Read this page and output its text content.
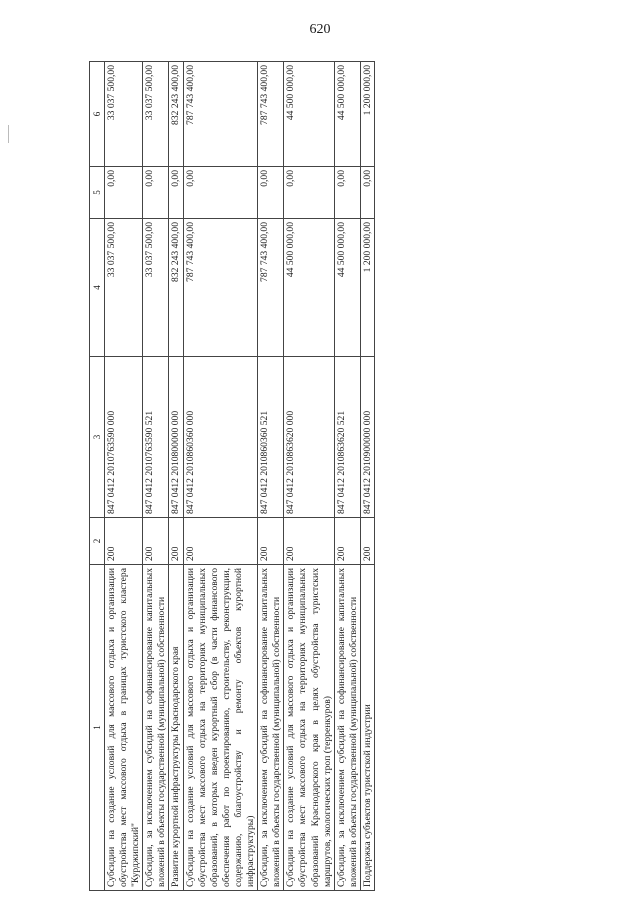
620
1	2	3	4	5	6
Субсидии на создание условий для массового отдыха и организации обустройства мест массового отдыха в границах туристского кластера "Курджипский"	200	847 0412 2010763590 000	33 037 500,00	0,00	33 037 500,00
Субсидии, за исключением субсидий на софинансирование капитальных вложений в объекты государственной (муниципальной) собственности	200	847 0412 2010763590 521	33 037 500,00	0,00	33 037 500,00
Развитие курортной инфраструктуры Краснодарского края	200	847 0412 2010800000 000	832 243 400,00	0,00	832 243 400,00
Субсидии на создание условий для массового отдыха и организации обустройства мест массового отдыха на территориях муниципальных образований, в которых введен курортный сбор (в части финансового обеспечения работ по проектированию, строительству, реконструкции, содержанию, благоустройству и ремонту объектов курортной инфраструктуры)	200	847 0412 2010860360 000	787 743 400,00	0,00	787 743 400,00
Субсидии, за исключением субсидий на софинансирование капитальных вложений в объекты государственной (муниципальной) собственности	200	847 0412 2010860360 521	787 743 400,00	0,00	787 743 400,00
Субсидии на создание условий для массового отдыха и организации обустройства мест массового отдыха на территориях муниципальных образований Краснодарского края в целях обустройства туристских маршрутов, экологических троп (терренкуров)	200	847 0412 2010863620 000	44 500 000,00	0,00	44 500 000,00
Субсидии, за исключением субсидий на софинансирование капитальных вложений в объекты государственной (муниципальной) собственности	200	847 0412 2010863620 521	44 500 000,00	0,00	44 500 000,00
Поддержка субъектов туристской индустрии	200	847 0412 2010900000 000	1 200 000,00	0,00	1 200 000,00
